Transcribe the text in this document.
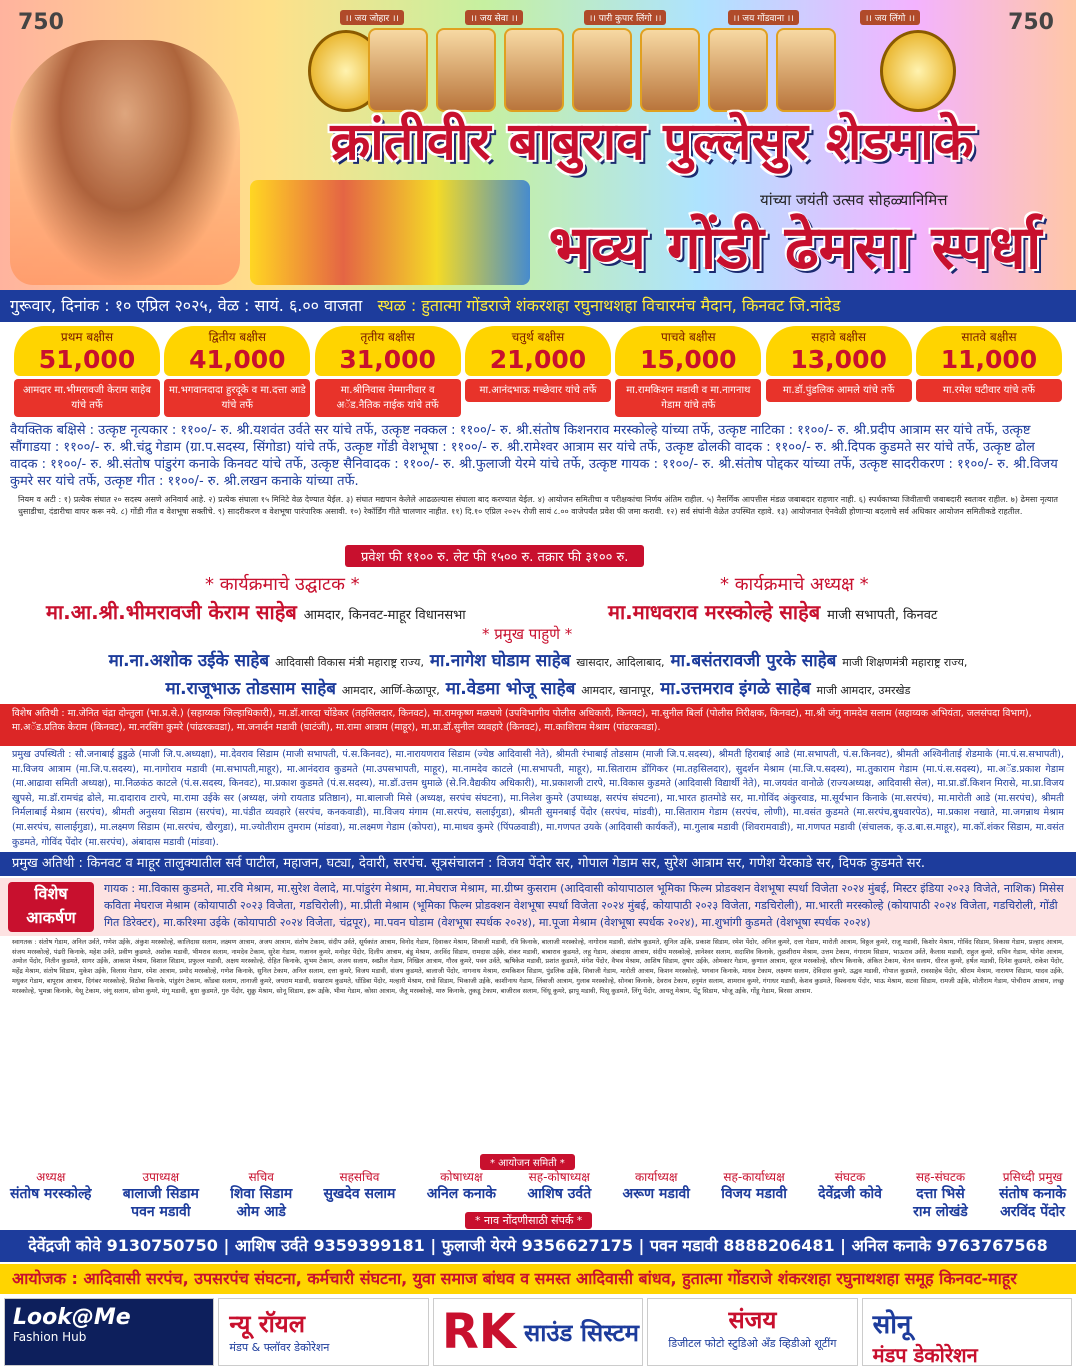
750	750
।। जय जोहार ।।	।। जय सेवा ।।	।। पारी कुपार लिंगो ।।	।। जय गोंडवाना ।।	।। जय लिंगो ।।
क्रांतीवीर बाबुराव पुल्लेसुर शेडमाके
यांच्या जयंती उत्सव सोहळ्यानिमित्त
भव्य गोंडी ढेमसा स्पर्धा
गुरूवार, दिनांक : १० एप्रिल २०२५, वेळ : सायं. ६.०० वाजता स्थळ : हुतात्मा गोंडराजे शंकरशहा रघुनाथशहा विचारमंच मैदान, किनवट जि.नांदेड
प्रथम बक्षीस
51,000
आमदार मा.भीमरावजी केराम साहेब यांचे तर्फे
द्वितीय बक्षीस
41,000
मा.भगवानदादा हुरदूके व मा.दत्ता आडे यांचे तर्फे
तृतीय बक्षीस
31,000
मा.श्रीनिवास नेम्मानीवार व अॅड.नैतिक नाईक यांचे तर्फे
चतुर्थ बक्षीस
21,000
मा.आनंदभाऊ मच्छेवार यांचे तर्फे
पाचवे बक्षीस
15,000
मा.रामकिशन मडावी व मा.नागनाथ गेडाम यांचे तर्फे
सहावे बक्षीस
13,000
मा.डॉ.पुंडलिक आमले यांचे तर्फे
सातवे बक्षीस
11,000
मा.रमेश घटीवार यांचे तर्फे
वैयक्तिक बक्षिसे : उत्कृष्ट नृत्यकार : ११००/- रु. श्री.यशवंत उर्वते सर यांचे तर्फे, उत्कृष्ट नक्कल : ११००/- रु. श्री.संतोष किशनराव मरस्कोल्हे यांच्या तर्फे, उत्कृष्ट नाटिका : ११००/- रु. श्री.प्रदीप आत्राम सर यांचे तर्फे, उत्कृष्ट सौंगाडया : ११००/- रु. श्री.चंद्रु गेडाम (ग्रा.प.सदस्य, सिंगोडा) यांचे तर्फे, उत्कृष्ट गोंडी वेशभूषा : ११००/- रु. श्री.रामेश्वर आत्राम सर यांचे तर्फे, उत्कृष्ट ढोलकी वादक : ११००/- रु. श्री.दिपक कुडमते सर यांचे तर्फे, उत्कृष्ट ढोल वादक : ११००/- रु. श्री.संतोष पांडुरंग कनाके किनवट यांचे तर्फे, उत्कृष्ट सैनिवादक : ११००/- रु. श्री.फुलाजी येरमे यांचे तर्फे, उत्कृष्ट गायक : ११००/- रु. श्री.संतोष पोद्दकर यांच्या तर्फे, उत्कृष्ट सादरीकरण : ११००/- रु. श्री.विजय कुमरे सर यांचे तर्फे, उत्कृष्ट गीत : ११००/- रु. श्री.लखन कनाके यांच्या तर्फे.
नियम व अटी : १) प्रत्येक संघात २० सदस्य असणे अनिवार्य आहे. २) प्रत्येक संघाला १५ मिनिटे वेळ देण्यात येईल. ३) संघात मद्यपान केलेले आढळल्यास संघाला बाद करण्यात येईल. ४) आयोजन समितीचा व परीक्षकांचा निर्णय अंतिम राहील. ५) नैसर्गिक आपत्तीस मंडळ जबाबदार राहणार नाही. ६) स्पर्धकाच्या जिवीताची जबाबदारी स्वतःवर राहील. ७) ढेमसा नृत्यात धुसाडीचा, दंडारीचा वापर करू नये. ८) गोंडी गीत व वेशभूषा सक्तीचे. ९) सादरीकरण व वेशभूषा पारंपारिक असावी. १०) रेकॉर्डिंग गीते चालणार नाहीत. ११) दि.१० एप्रिल २०२५ रोजी सायं ८.०० वाजेपर्यंत प्रवेश फी जमा करावी. १२) सर्व संघांनी वेळेत उपस्थित रहावे. १३) आयोजनात ऐनवेळी होणाऱ्या बदलाचे सर्व अधिकार आयोजन समितीकडे राहतील.
प्रवेश फी ११०० रु. लेट फी १५०० रु. तक्रार फी ३१०० रु.
* कार्यक्रमाचे उद्घाटक *	* कार्यक्रमाचे अध्यक्ष *
मा.आ.श्री.भीमरावजी केराम साहेब आमदार, किनवट-माहूर विधानसभा	मा.माधवराव मरस्कोल्हे साहेब माजी सभापती, किनवट
* प्रमुख पाहुणे *
मा.ना.अशोक उईके साहेब आदिवासी विकास मंत्री महाराष्ट्र राज्य, मा.नागेश घोडाम साहेब खासदार, आदिलाबाद, मा.बसंतरावजी पुरके साहेब माजी शिक्षणमंत्री महाराष्ट्र राज्य,
मा.राजूभाऊ तोडसाम साहेब आमदार, आर्णि-केळापूर, मा.वेडमा भोजू साहेब आमदार, खानापूर, मा.उत्तमराव इंगळे साहेब माजी आमदार, उमरखेड
विशेष अतिथी : मा.जेनित चंद्रा दोन्तुला (भा.प्र.से.) (सहाय्यक जिल्हाधिकारी), मा.डॉ.शारदा चोंडेकर (तहसिलदार, किनवट), मा.रामकृष्ण मळघणे (उपविभागीय पोलीस अधिकारी, किनवट), मा.सुनील बिर्ला (पोलीस निरीक्षक, किनवट), मा.श्री जंगु नामदेव सलाम (सहाय्यक अभियंता, जलसंपदा विभाग), मा.अॅड.प्रतिक केराम (किनवट), मा.नरसिंग कुमरे (पांढरकवडा), मा.जनार्दन मडावी (घाटंजी), मा.रामा आत्राम (माहूर), मा.प्रा.डॉ.सुनील व्यवहारे (किनवट), मा.काशिराम मेश्राम (पांढरकवडा).
प्रमुख उपस्थिती : सौ.जनाबाई डुडुळे (माजी जि.प.अध्यक्षा), मा.देवराव सिडाम (माजी सभापती, पं.स.किनवट), मा.नारायणराव सिडाम (ज्येष्ठ आदिवासी नेते), श्रीमती रंभाबाई तोडसाम (माजी जि.प.सदस्य), श्रीमती हिराबाई आडे (मा.सभापती, पं.स.किनवट), श्रीमती अश्विनीताई शेडमाके (मा.पं.स.सभापती), मा.विजय आत्राम (मा.जि.प.सदस्य), मा.नागोराव मडावी (मा.सभापती,माहूर), मा.आनंदराव कुडमते (मा.उपसभापती, माहूर), मा.नामदेव काटले (मा.सभापती, माहूर), मा.सिताराम डोंगिकर (मा.तहसिलदार), सुदर्शन मेश्राम (मा.जि.प.सदस्य), मा.तुकाराम गेडाम (मा.पं.स.सदस्य), मा.अॅड.प्रकाश गेडाम (मा.आढावा समिती अध्यक्ष), मा.निळकंठ काटले (पं.स.सदस्य, किनवट), मा.प्रकाश कुडमते (पं.स.सदस्य), मा.डॉ.उत्तम धुमाळे (से.नि.वैद्यकीय अधिकारी), मा.प्रकाशजी टारपे, मा.विकास कुडमते (आदिवासी विद्यार्थी नेते), मा.जयवंत वानोळे (राज्यअध्यक्ष, आदिवासी सेल), मा.प्रा.डॉ.किशन मिरासे, मा.प्रा.विजय खुपसे, मा.डॉ.रामचंद्र ढोले, मा.दादाराव टारपे, मा.रामा उईके सर (अध्यक्ष, जंगो रायताड प्रतिष्ठान), मा.बालाजी मिसे (अध्यक्ष, सरपंच संघटना), मा.निलेश कुमरे (उपाध्यक्ष, सरपंच संघटना), मा.भारत हातमोडे सर, मा.गोविंद अंकुरवाड, मा.सूर्यभान किनाके (मा.सरपंच), मा.मारोती आडे (मा.सरपंच), श्रीमती निर्मलाबाई मेश्राम (सरपंच), श्रीमती अनुसया सिडाम (सरपंच), मा.पंडीत व्यवहारे (सरपंच, कनकवाडी), मा.विजय मंगाम (मा.सरपंच, सलाईगुडा), श्रीमती सुमनबाई पेंदोर (सरपंच, मांडवी), मा.सिताराम गेडाम (सरपंच, लोणी), मा.वसंत कुडमते (मा.सरपंच,बुधवारपेठ), मा.प्रकाश नखाते, मा.जगन्नाथ मेश्राम (मा.सरपंच, सालाईगुडा), मा.लक्ष्मण सिडाम (मा.सरपंच, खैरगुडा), मा.ज्योतीराम तुमराम (मांडवा), मा.लक्ष्मण गेडाम (कोपरा), मा.माधव कुमरे (पिंपळवाडी), मा.गणपत उयके (आदिवासी कार्यकर्ते), मा.गुलाब मडावी (शिवरामवाडी), मा.गणपत मडावी (संचालक, कृ.उ.बा.स.माहूर), मा.कॉ.शंकर सिडाम, मा.वसंत कुडमते, गोविंद पेंदोर (मा.सरपंच), अंबादास मडावी (मांडवा).
प्रमुख अतिथी : किनवट व माहूर तालुक्यातील सर्व पाटील, महाजन, घट्या, देवारी, सरपंच. सूत्रसंचालन : विजय पेंदोर सर, गोपाल गेडाम सर, सुरेश आत्राम सर, गणेश येरकाडे सर, दिपक कुडमते सर.
विशेष आकर्षण
गायक : मा.विकास कुडमते, मा.रवि मेश्राम, मा.सुरेश वेलादे, मा.पांडुरंग मेश्राम, मा.मेघराज मेश्राम, मा.ग्रीष्म कुसराम (आदिवासी कोयापाठाल भूमिका फिल्म प्रोडक्शन वेशभूषा स्पर्धा विजेता २०२४ मुंबई, मिस्टर इंडिया २०२३ विजेते, नाशिक) मिसेस कविता मेघराज मेश्राम (कोयापाठी २०२३ विजेता, गडचिरोली), मा.प्रीती मेश्राम (भूमिका फिल्म प्रोडक्शन वेशभूषा स्पर्धा विजेता २०२४ मुंबई, कोयापाठी २०२३ विजेता, गडचिरोली), मा.भारती मरस्कोल्हे (कोयापाठी २०२४ विजेता, गडचिरोली, गोंडी गित डिरेक्टर), मा.करिश्मा उईके (कोयापाठी २०२४ विजेता, चंद्रपूर), मा.पवन घोडाम (वेशभूषा स्पर्धक २०२४), मा.पूजा मेश्राम (वेशभूषा स्पर्धक २०२४), मा.शुभांगी कुडमते (वेशभूषा स्पर्धक २०२४)
स्वागतक : संतोष गेडाम, अनिल उर्वते, गणेश उईके, अंकुश मरस्कोल्हे, कालिदास सलाम, लक्ष्मण आत्राम, अजय आत्राम, संतोष टेकाम, संदीप उर्वते, सूर्यकांत आत्राम, विनोद गेडाम, दिवाकर मेश्राम, शिवाजी मडावी, रवि किनाके, बालाजी मरस्कोल्हे, नागोराव मडावी, संतोष कुडमते, सुनिल उईके, प्रकाश सिडाम, रमेश पेंदोर, अनिल कुमरे, दत्ता गेडाम, मारोती आत्राम, विठ्ठल कुमरे, राजू मडावी, किशोर मेश्राम, गोविंद सिडाम, विकास गेडाम, प्रल्हाद आत्राम, संजय मरस्कोल्हे, पंढरी किनाके, महेश उर्वते, प्रवीण कुडमते, अशोक मडावी, भीमराव सलाम, नामदेव टेकाम, सुरेश गेडाम, गजानन कुमरे, मनोहर पेंदोर, दिलीप आत्राम, बंडू मेश्राम, अरविंद सिडाम, रामदास उईके, शंकर मडावी, बाबाराव कुडमते, लहू गेडाम, अंबादास आत्राम, संदीप मरस्कोल्हे, ज्ञानेश्वर सलाम, सदाशिव किनाके, तुळशीराम मेश्राम, उत्तम टेकाम, गंगाराम सिडाम, भाऊराव उर्वते, कैलास मडावी, राहुल कुमरे, सचिन गेडाम, योगेश आत्राम, अमोल पेंदोर, नितीन कुडमते, सागर उईके, आकाश मेश्राम, विशाल सिडाम, प्रफुल्ल मडावी, अक्षय मरस्कोल्हे, रोहित किनाके, शुभम टेकाम, अजय सलाम, स्वप्नील गेडाम, निखिल आत्राम, गौरव कुमरे, पवन उर्वते, ऋषिकेश मडावी, प्रशांत कुडमते, मंगेश पेंदोर, वैभव मेश्राम, आशिष सिडाम, तुषार उईके, ओमकार गेडाम, कुणाल आत्राम, सूरज मरस्कोल्हे, सौरभ किनाके, अंकित टेकाम, चेतन सलाम, धीरज कुमरे, हर्षल मडावी, दिनेश कुडमते, राकेश पेंदोर, महेंद्र मेश्राम, संतोष सिडाम, मुकेश उईके, विलास गेडाम, रमेश आत्राम, प्रमोद मरस्कोल्हे, गणेश किनाके, सुनिल टेकाम, अनिल सलाम, दत्ता कुमरे, विजय मडावी, संजय कुडमते, बालाजी पेंदोर, नागनाथ मेश्राम, रामकिशन सिडाम, पुंडलिक उईके, शिवाजी गेडाम, मारोती आत्राम, किशन मरस्कोल्हे, भगवान किनाके, माधव टेकाम, लक्ष्मण सलाम, देविदास कुमरे, उद्धव मडावी, गोपाल कुडमते, रावसाहेब पेंदोर, श्रीराम मेश्राम, नारायण सिडाम, यादव उईके, मधुकर गेडाम, बापूराव आत्राम, दिगंबर मरस्कोल्हे, विठोबा किनाके, पांडुरंग टेकाम, कोंडबा सलाम, तानाजी कुमरे, जयराम मडावी, सखाराम कुडमते, धोंडिबा पेंदोर, मल्हारी मेश्राम, राघो सिडाम, भिकाजी उईके, काशीनाथ गेडाम, लिंबाजी आत्राम, गुलाब मरस्कोल्हे, सोनबा किनाके, देवराव टेकाम, हनुमंत सलाम, शामराव कुमरे, गंगाधर मडावी, केशव कुडमते, विश्वनाथ पेंदोर, भाऊ मेश्राम, सटवा सिडाम, रामजी उईके, मोतीराम गेडाम, पोचीराम आत्राम, लच्छु मरस्कोल्हे, भुमन्ना किनाके, येसू टेकाम, जंगू सलाम, सोमा कुमरे, मंगू मडावी, बुधा कुडमते, गुरु पेंदोर, शुक्रु मेश्राम, सोनू सिडाम, इरू उईके, भीमा गेडाम, कोसा आत्राम, जैतू मरस्कोल्हे, मारु किनाके, तुकडू टेकाम, बाजीराव सलाम, चिंधू कुमरे, झापू मडावी, पिसू कुडमते, लिंगू पेंदोर, आयतू मेश्राम, पेंटू सिडाम, भोजू उईके, गोंडू गेडाम, बिरसा आत्राम.
* आयोजन समिती *
अध्यक्ष
संतोष मरस्कोल्हे
उपाध्यक्ष
बालाजी सिडाम
पवन मडावी
सचिव
शिवा सिडाम
ओम आडे
सहसचिव
सुखदेव सलाम
कोषाध्यक्ष
अनिल कनाके
सह-कोषाध्यक्ष
आशिष उर्वते
कार्याध्यक्ष
अरूण मडावी
सह-कार्याध्यक्ष
विजय मडावी
संघटक
देवेंद्रजी कोवे
सह-संघटक
दत्ता भिसे
राम लोखंडे
प्रसिध्दी प्रमुख
संतोष कनाके
अरविंद पेंदोर
* नाव नोंदणीसाठी संपर्क *
देवेंद्रजी कोवे 9130750750 | आशिष उर्वते 9359399181 | फुलाजी येरमे 9356627175 | पवन मडावी 8888206481 | अनिल कनाके 9763767568
आयोजक : आदिवासी सरपंच, उपसरपंच संघटना, कर्मचारी संघटना, युवा समाज बांधव व समस्त आदिवासी बांधव, हुतात्मा गोंडराजे शंकरशहा रघुनाथशहा समूह किनवट-माहूर
Look@Me
Fashion Hub	न्यू रॉयल
मंडप & फ्लॉवर डेकोरेशन	RK साउंड सिस्टम	संजय
डिजीटल फोटो स्टुडिओ अँड व्हिडीओ शूटींग
सोनू
मंडप डेकोरेशन
